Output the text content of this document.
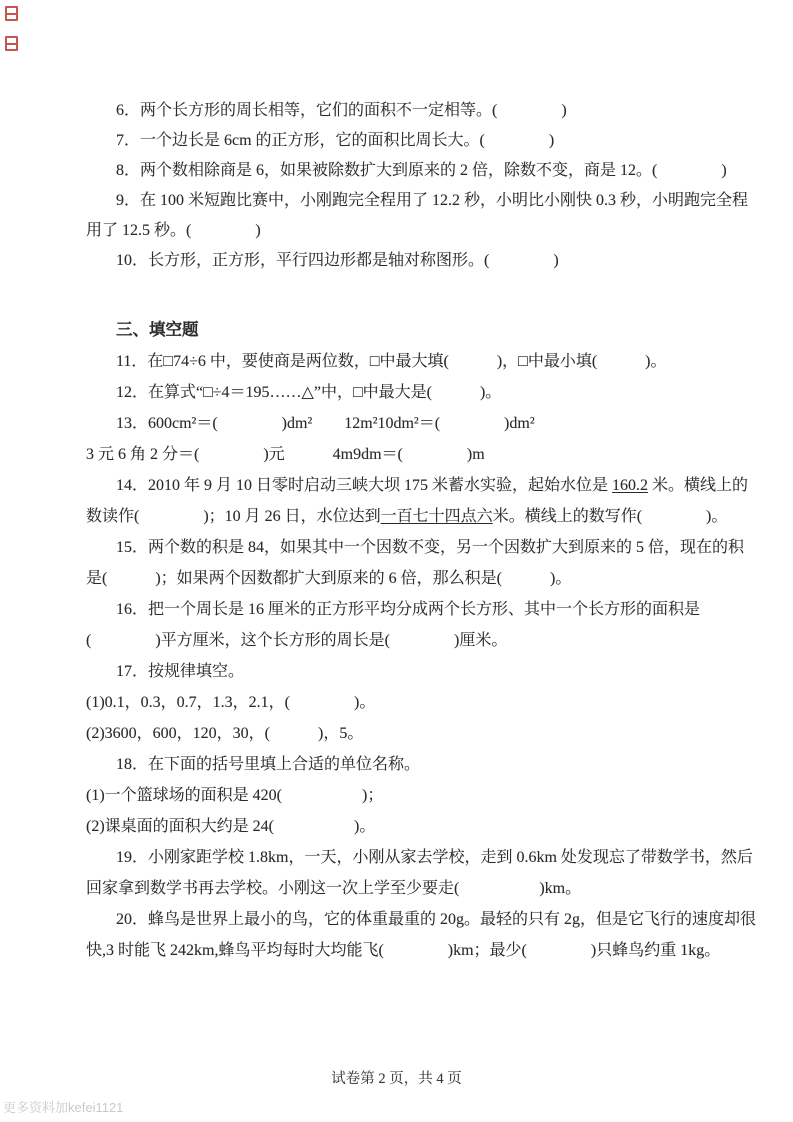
6．两个长方形的周长相等，它们的面积不一定相等。(　　　　)
7．一个边长是 6cm 的正方形，它的面积比周长大。(　　　　)
8．两个数相除商是 6，如果被除数扩大到原来的 2 倍，除数不变，商是 12。(　　　　)
9．在 100 米短跑比赛中，小刚跑完全程用了 12.2 秒，小明比小刚快 0.3 秒，小明跑完全程
用了 12.5 秒。(　　　　)
10．长方形，正方形，平行四边形都是轴对称图形。(　　　　)
三、填空题
11．在□74÷6 中，要使商是两位数，□中最大填(　　　)，□中最小填(　　　)。
12．在算式“□÷4＝195……△”中，□中最大是(　　　)。
13．600cm²＝(　　　　)dm²　　12m²10dm²＝(　　　　)dm²
3 元 6 角 2 分＝(　　　　)元　　　4m9dm＝(　　　　)m
14．2010 年 9 月 10 日零时启动三峡大坝 175 米蓄水实验，起始水位是 160.2 米。横线上的
数读作(　　　　)；10 月 26 日，水位达到一百七十四点六米。横线上的数写作(　　　　)。
15．两个数的积是 84，如果其中一个因数不变，另一个因数扩大到原来的 5 倍，现在的积
是(　　　)；如果两个因数都扩大到原来的 6 倍，那么积是(　　　)。
16．把一个周长是 16 厘米的正方形平均分成两个长方形、其中一个长方形的面积是
(　　　　)平方厘米，这个长方形的周长是(　　　　)厘米。
17．按规律填空。
(1)0.1，0.3，0.7，1.3，2.1，(　　　　)。
(2)3600，600，120，30，(　　　)，5。
18．在下面的括号里填上合适的单位名称。
(1)一个篮球场的面积是 420(　　　　　)；
(2)课桌面的面积大约是 24(　　　　　)。
19．小刚家距学校 1.8km，一天，小刚从家去学校，走到 0.6km 处发现忘了带数学书，然后
回家拿到数学书再去学校。小刚这一次上学至少要走(　　　　　)km。
20．蜂鸟是世界上最小的鸟，它的体重最重的 20g。最轻的只有 2g，但是它飞行的速度却很
快,3 时能飞 242km,蜂鸟平均每时大均能飞(　　　　)km；最少(　　　　)只蜂鸟约重 1kg。
试卷第 2 页，共 4 页
更多资料加kefei1121
